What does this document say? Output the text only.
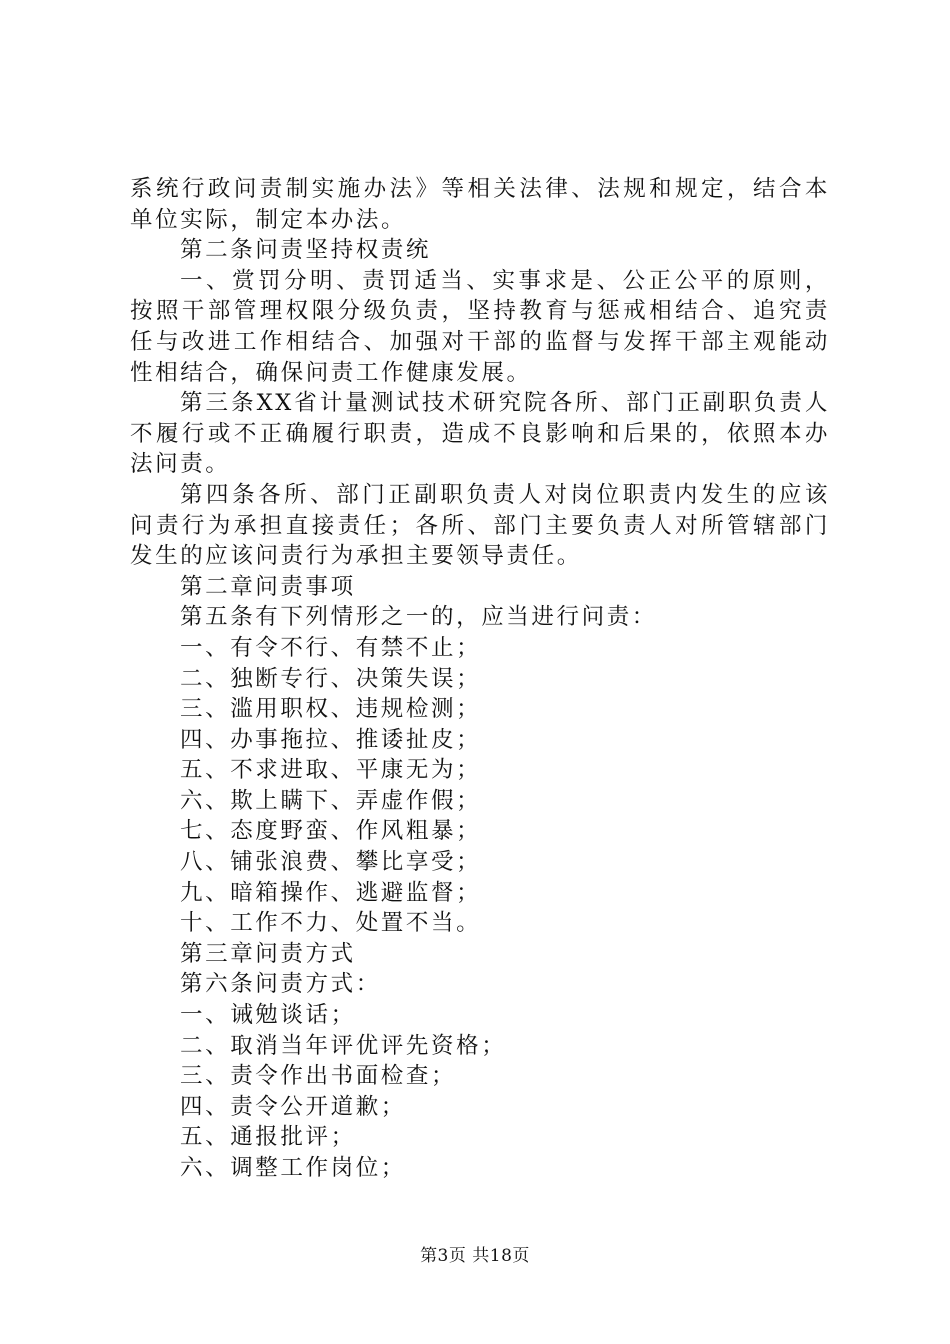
系统行政问责制实施办法》等相关法律、法规和规定，结合本单位实际，制定本办法。

第二条问责坚持权责统

一、赏罚分明、责罚适当、实事求是、公正公平的原则，按照干部管理权限分级负责，坚持教育与惩戒相结合、追究责任与改进工作相结合、加强对干部的监督与发挥干部主观能动性相结合，确保问责工作健康发展。

第三条XX省计量测试技术研究院各所、部门正副职负责人不履行或不正确履行职责，造成不良影响和后果的，依照本办法问责。

第四条各所、部门正副职负责人对岗位职责内发生的应该问责行为承担直接责任；各所、部门主要负责人对所管辖部门发生的应该问责行为承担主要领导责任。

第二章问责事项

第五条有下列情形之一的，应当进行问责：

一、有令不行、有禁不止；

二、独断专行、决策失误；

三、滥用职权、违规检测；

四、办事拖拉、推诿扯皮；

五、不求进取、平康无为；

六、欺上瞒下、弄虚作假；

七、态度野蛮、作风粗暴；

八、铺张浪费、攀比享受；

九、暗箱操作、逃避监督；

十、工作不力、处置不当。

第三章问责方式

第六条问责方式：

一、诫勉谈话；

二、取消当年评优评先资格；

三、责令作出书面检查；

四、责令公开道歉；

五、通报批评；

六、调整工作岗位；

第3页 共18页
